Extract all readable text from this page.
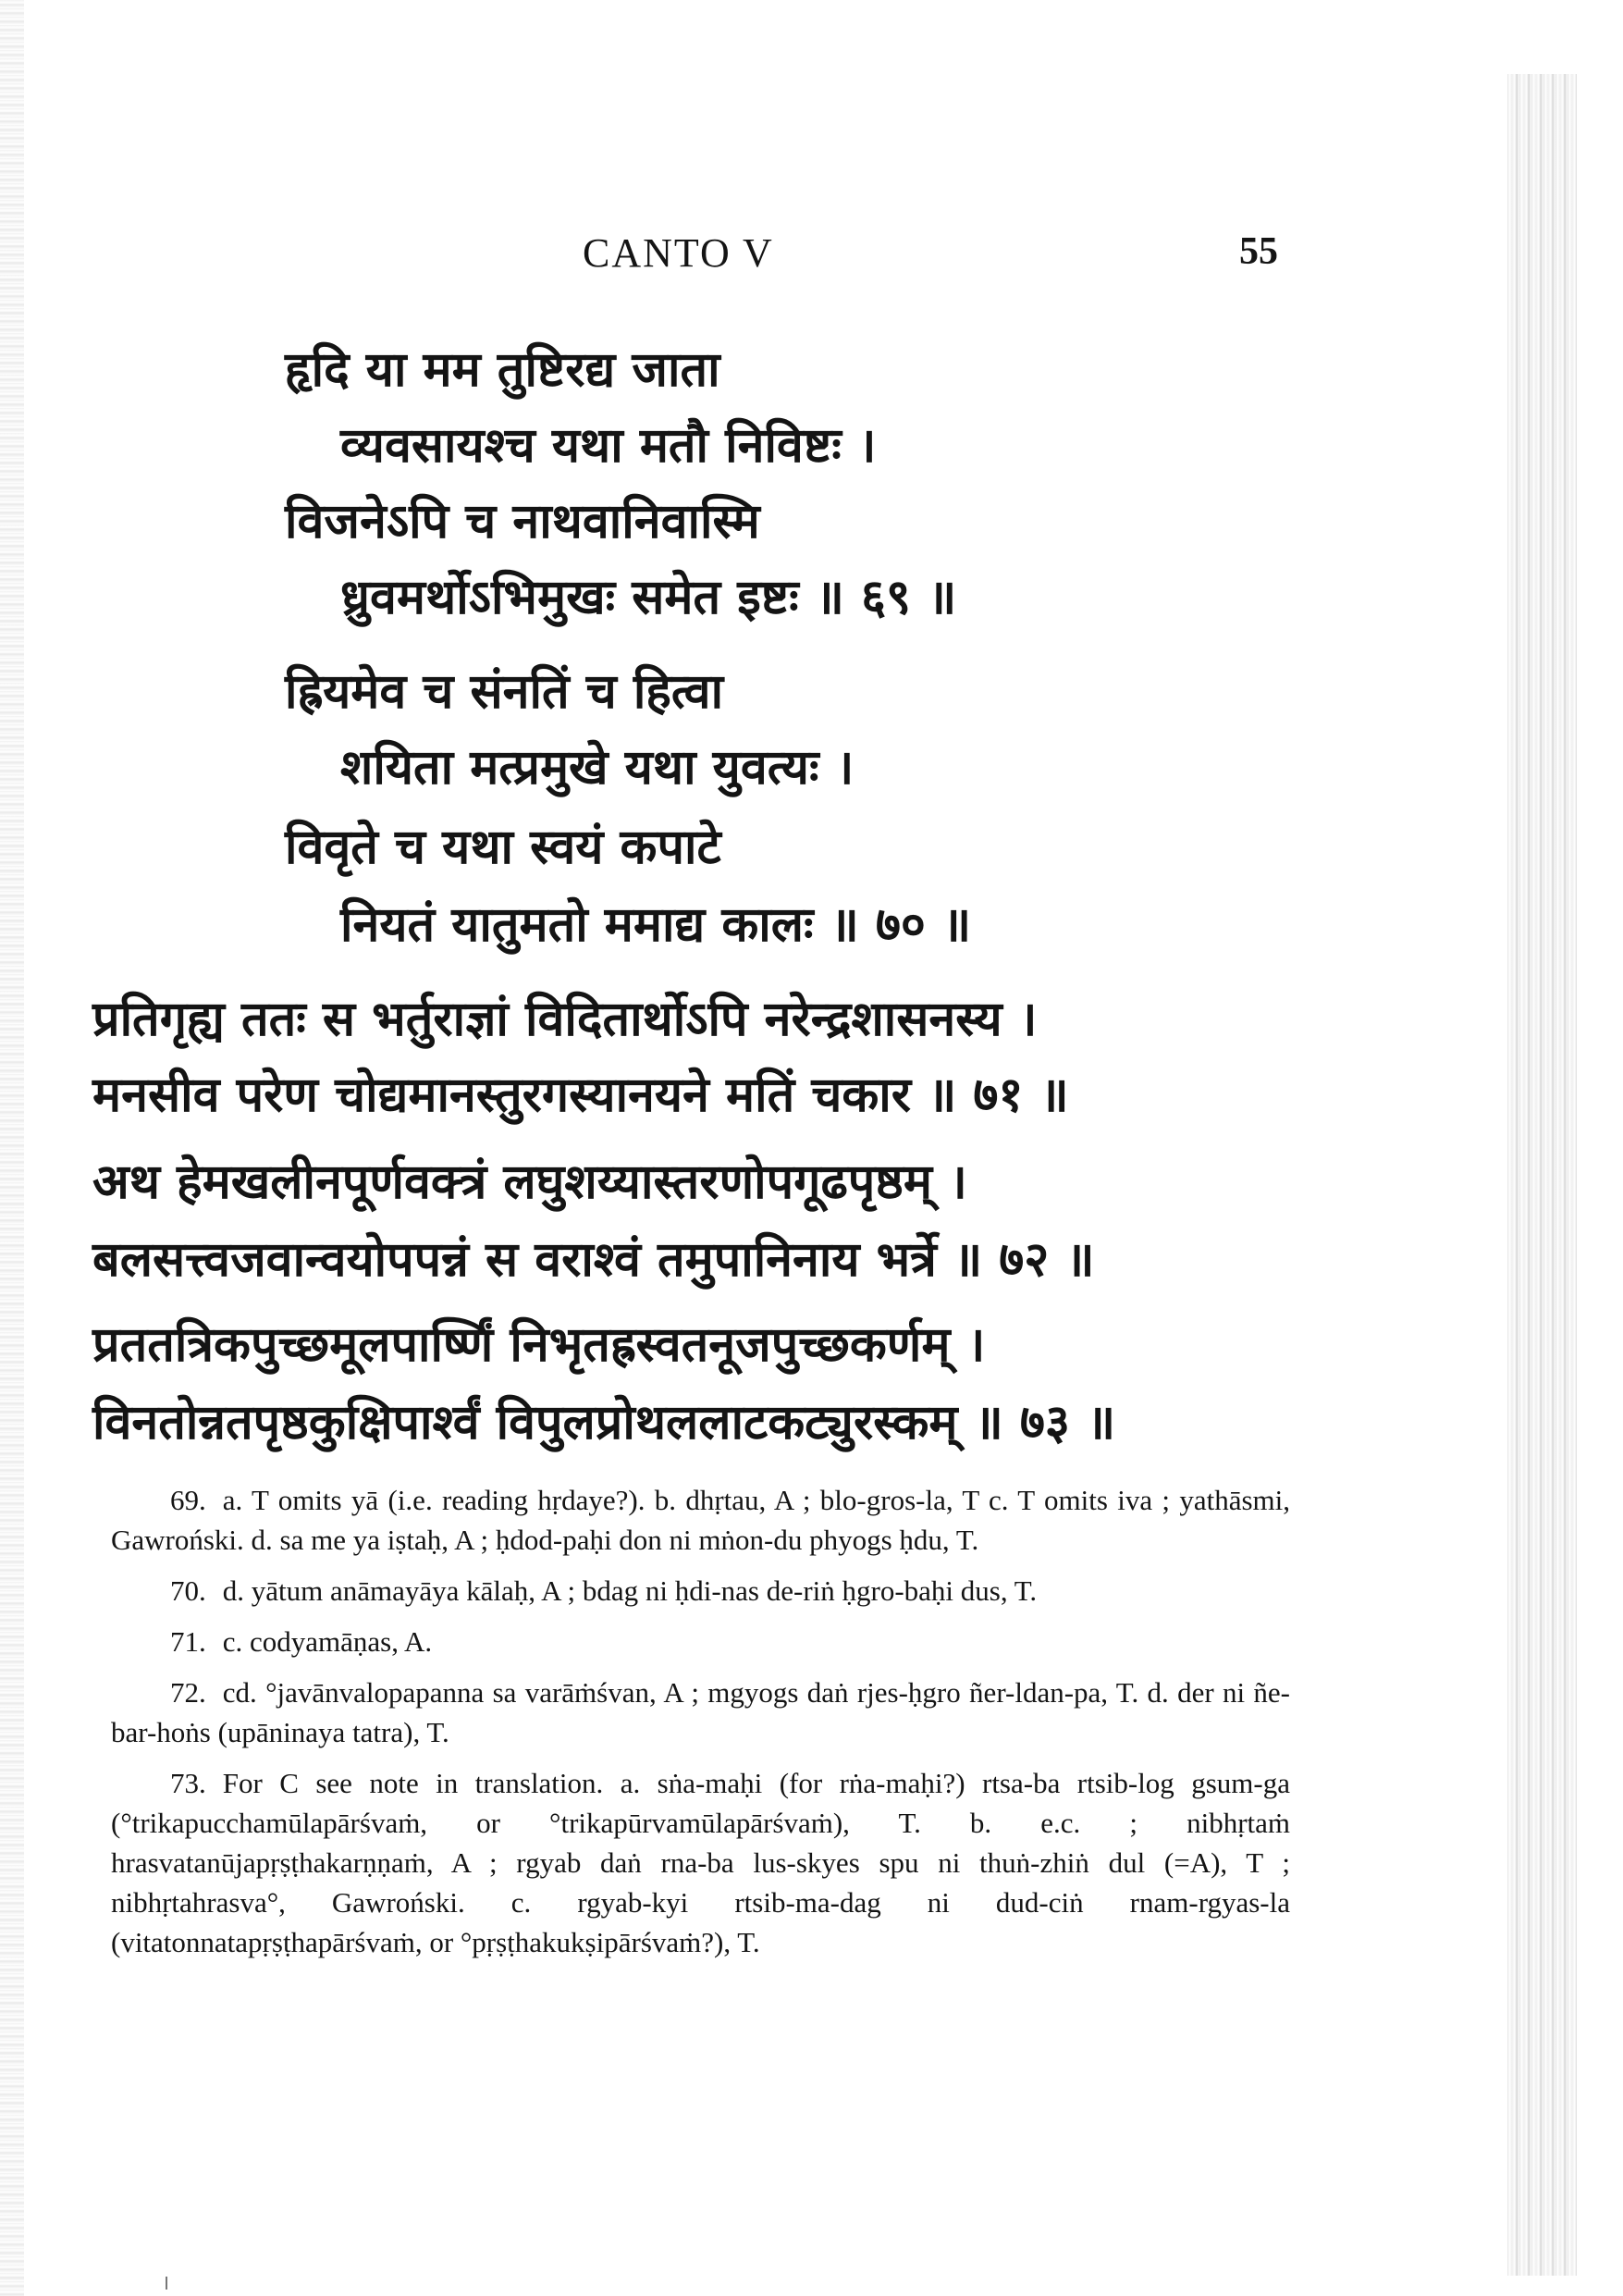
CANTO V	55
हृदि या मम तुष्टिरद्य जाता
व्यवसायश्च यथा मतौ निविष्टः ।
विजनेऽपि च नाथवानिवास्मि
ध्रुवमर्थोऽभिमुखः समेत इष्टः ॥ ६९ ॥
ह्रियमेव च संनतिं च हित्वा
शयिता मत्प्रमुखे यथा युवत्यः ।
विवृते च यथा स्वयं कपाटे
नियतं यातुमतो ममाद्य कालः ॥ ७० ॥
प्रतिगृह्य ततः स भर्तुराज्ञां विदितार्थोऽपि नरेन्द्रशासनस्य ।
मनसीव परेण चोद्यमानस्तुरगस्यानयने मतिं चकार ॥ ७१ ॥
अथ हेमखलीनपूर्णवक्त्रं लघुशय्यास्तरणोपगूढपृष्ठम् ।
बलसत्त्वजवान्वयोपपन्नं स वराश्वं तमुपानिनाय भर्त्रे ॥ ७२ ॥
प्रततत्रिकपुच्छमूलपार्ष्णिं निभृतह्रस्वतनूजपुच्छकर्णम् ।
विनतोन्नतपृष्ठकुक्षिपार्श्वं विपुलप्रोथललाटकट्युरस्कम् ॥ ७३ ॥

69. a. T omits yā (i.e. reading hṛdaye?). b. dhṛtau, A ; blo-gros-la, T c. T omits iva ; yathāsmi, Gawroński. d. sa me ya iṣtaḥ, A ; ḥdod-paḥi don ni mṅon-du phyogs ḥdu, T.

70. d. yātum anāmayāya kālaḥ, A ; bdag ni ḥdi-nas de-riṅ ḥgro-baḥi dus, T.

71. c. codyamāṇas, A.

72. cd. °javānvalopapanna sa varāṁśvan, A ; mgyogs daṅ rjes-ḥgro ñer-ldan-pa, T. d. der ni ñe-bar-hoṅs (upāninaya tatra), T.

73. For C see note in translation. a. sṅa-maḥi (for rṅa-maḥi?) rtsa-ba rtsib-log gsum-ga (°trikapucchamūlapārśvaṁ, or °trikapūrvamūlapārśvaṁ), T. b. e.c. ; nibhṛtaṁ hrasvatanūjapṛṣṭhakarṇṇaṁ, A ; rgyab daṅ rna-ba lus-skyes spu ni thuṅ-zhiṅ dul (=A), T ; nibhṛtahrasva°, Gawroński. c. rgyab-kyi rtsib-ma-dag ni dud-ciṅ rnam-rgyas-la (vitatonnatapṛṣṭhapārśvaṁ, or °pṛṣṭhakukṣipārśvaṁ?), T.
